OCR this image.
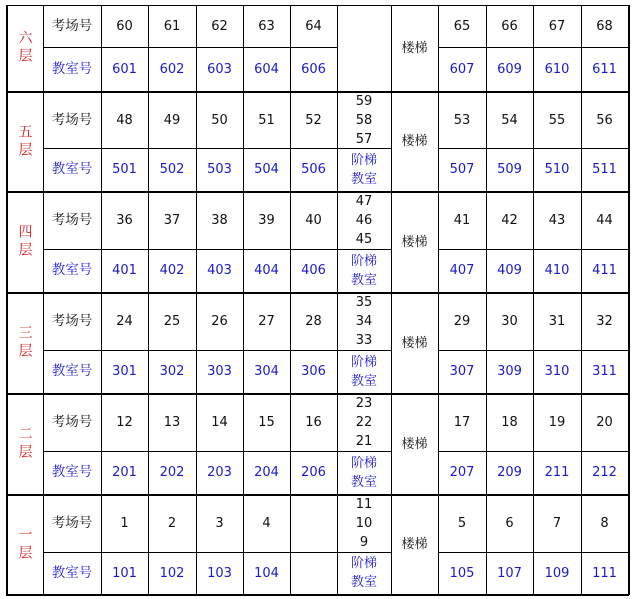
六层
考场号
教室号
60
601
61
602
62
603
63
604
64
606
楼梯
65
607
66
609
67
610
68
611
五层
考场号
教室号
48
501
49
502
50
503
51
504
52
506
59
58
57
阶梯教室
楼梯
53
507
54
509
55
510
56
511
四层
考场号
教室号
36
401
37
402
38
403
39
404
40
406
47
46
45
阶梯教室
楼梯
41
407
42
409
43
410
44
411
三层
考场号
教室号
24
301
25
302
26
303
27
304
28
306
35
34
33
阶梯教室
楼梯
29
307
30
309
31
310
32
311
二层
考场号
教室号
12
201
13
202
14
203
15
204
16
206
23
22
21
阶梯教室
楼梯
17
207
18
209
19
211
20
212
一层
考场号
教室号
1
101
2
102
3
103
4
104
11
10
9
阶梯教室
楼梯
5
105
6
107
7
109
8
111
